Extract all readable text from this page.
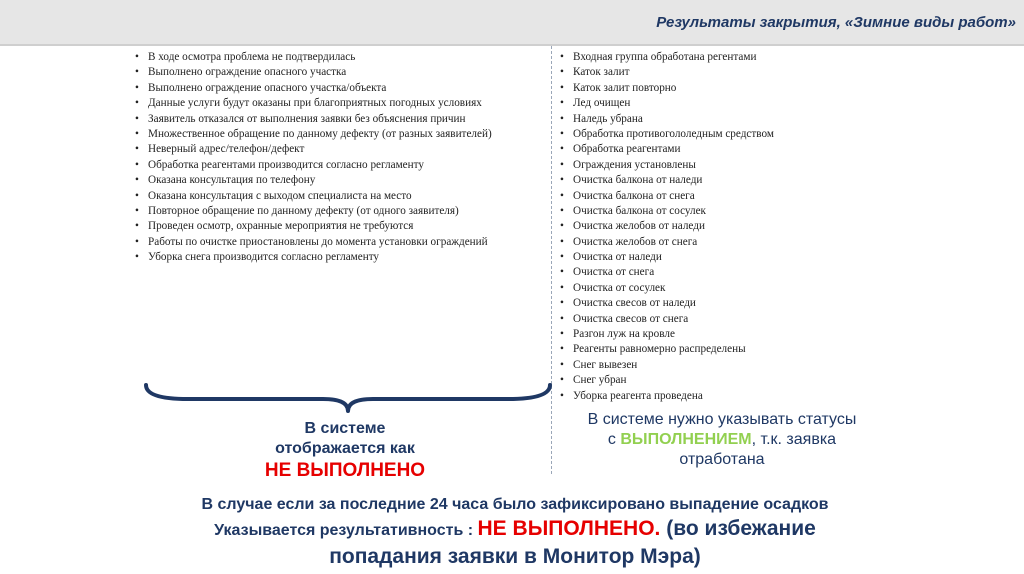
Результаты закрытия, «Зимние виды работ»
• В ходе осмотра проблема не подтвердилась
• Выполнено ограждение опасного участка
• Выполнено ограждение опасного участка/объекта
• Данные услуги будут оказаны при благоприятных погодных условиях
• Заявитель отказался от выполнения заявки без объяснения причин
• Множественное обращение по данному дефекту (от разных заявителей)
• Неверный адрес/телефон/дефект
• Обработка реагентами производится согласно регламенту
• Оказана консультация по телефону
• Оказана консультация с выходом специалиста на место
• Повторное обращение по данному дефекту (от одного заявителя)
• Проведен осмотр, охранные мероприятия не требуются
• Работы по очистке приостановлены до момента установки ограждений
• Уборка снега производится согласно регламенту
• Входная группа обработана регентами
• Каток залит
• Каток залит повторно
• Лед очищен
• Наледь убрана
• Обработка противогололедным средством
• Обработка реагентами
• Ограждения установлены
• Очистка балкона от наледи
• Очистка балкона от снега
• Очистка балкона от сосулек
• Очистка желобов от наледи
• Очистка желобов от снега
• Очистка от наледи
• Очистка от снега
• Очистка от сосулек
• Очистка свесов от наледи
• Очистка свесов от снега
• Разгон луж на кровле
• Реагенты равномерно распределены
• Снег вывезен
• Снег убран
• Уборка реагента проведена
В системе
отображается как
НЕ ВЫПОЛНЕНО
В системе нужно указывать статусы
с ВЫПОЛНЕНИЕМ, т.к. заявка
отработана
В случае если за последние 24 часа было зафиксировано выпадение осадков
Указывается результативность : НЕ ВЫПОЛНЕНО. (во избежание
попадания заявки в Монитор Мэра)
